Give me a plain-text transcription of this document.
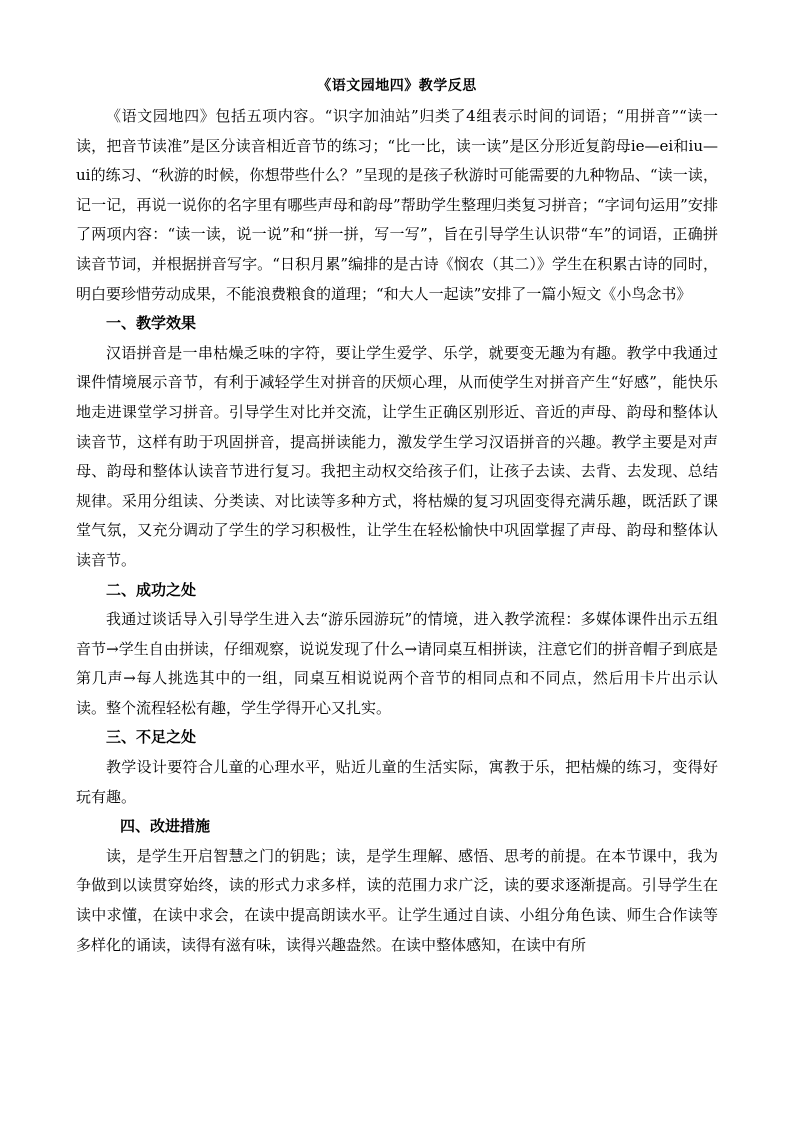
《语文园地四》教学反思

《语文园地四》包括五项内容。“识字加油站”归类了4组表示时间的词语；“用拼音”“读一读，把音节读准”是区分读音相近音节的练习；“比一比，读一读”是区分形近复韵母ie—ei和iu—ui的练习、“秋游的时候，你想带些什么？”呈现的是孩子秋游时可能需要的九种物品、“读一读，记一记，再说一说你的名字里有哪些声母和韵母”帮助学生整理归类复习拼音；“字词句运用”安排了两项内容：“读一读，说一说”和“拼一拼，写一写”，旨在引导学生认识带“车”的词语，正确拼读音节词，并根据拼音写字。“日积月累”编排的是古诗《悯农（其二）》学生在积累古诗的同时，明白要珍惜劳动成果，不能浪费粮食的道理；“和大人一起读”安排了一篇小短文《小鸟念书》

一、教学效果

汉语拼音是一串枯燥乏味的字符，要让学生爱学、乐学，就要变无趣为有趣。教学中我通过课件情境展示音节，有利于减轻学生对拼音的厌烦心理，从而使学生对拼音产生“好感”，能快乐地走进课堂学习拼音。引导学生对比并交流，让学生正确区别形近、音近的声母、韵母和整体认读音节，这样有助于巩固拼音，提高拼读能力，激发学生学习汉语拼音的兴趣。教学主要是对声母、韵母和整体认读音节进行复习。我把主动权交给孩子们，让孩子去读、去背、去发现、总结规律。采用分组读、分类读、对比读等多种方式，将枯燥的复习巩固变得充满乐趣，既活跃了课堂气氛，又充分调动了学生的学习积极性，让学生在轻松愉快中巩固掌握了声母、韵母和整体认读音节。

二、成功之处

我通过谈话导入引导学生进入去“游乐园游玩”的情境，进入教学流程：多媒体课件出示五组音节→学生自由拼读，仔细观察，说说发现了什么→请同桌互相拼读，注意它们的拼音帽子到底是第几声→每人挑选其中的一组，同桌互相说说两个音节的相同点和不同点，然后用卡片出示认读。整个流程轻松有趣，学生学得开心又扎实。

三、不足之处

教学设计要符合儿童的心理水平，贴近儿童的生活实际，寓教于乐，把枯燥的练习，变得好玩有趣。

四、改进措施

读，是学生开启智慧之门的钥匙；读，是学生理解、感悟、思考的前提。在本节课中，我为争做到以读贯穿始终，读的形式力求多样，读的范围力求广泛，读的要求逐渐提高。引导学生在读中求懂，在读中求会，在读中提高朗读水平。让学生通过自读、小组分角色读、师生合作读等多样化的诵读，读得有滋有味，读得兴趣盎然。在读中整体感知，在读中有所
